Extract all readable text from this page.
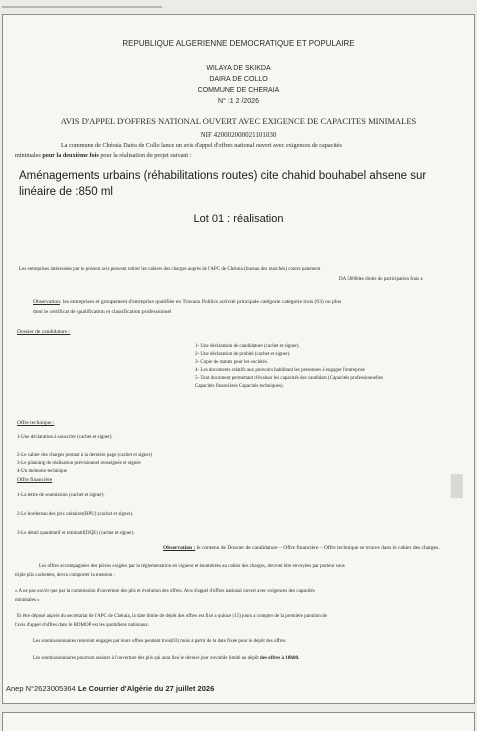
REPUBLIQUE ALGERIENNE DEMOCRATIQUE ET POPULAIRE
WILAYA DE SKIKDA
DAIRA DE COLLO
COMMUNE DE CHERAIA
N° :1 2 /2026
AVIS D'APPEL D'OFFRES NATIONAL OUVERT AVEC EXIGENCE DE CAPACITES MINIMALES
NIF 420002000021101030
La commune de Chéraia Daira de Collo lance un avis d'appel d'offres national ouvert avec exigences de capacités
minimales pour la deuxième fois pour la réalisation du projet suivant :
Aménagements urbains (réhabilitations routes) cite chahid bouhabel ahsene sur linéaire de :850 ml
Lot 01 : réalisation
Les entreprises intéressées par le présent avis peuvent retirer les cahiers des charges auprès de l'APC de Chéraia (bureau des marchés) contre paiement
DA 5000des droits de participation frais a
Observation: les entreprises et groupement d'entreprise qualifiée en Travaux Publics activité principale catégorie catégorie trois (03) ou plus
dont le certificat de qualification et classification professionnel
Dossier de candidature :
1- Une déclaration de candidature (cachet et signer).
2- Une déclaration de probité (cachet et signer).
3- Copie de statuts pour les sociétés.
4- Les documents relatifs aux pouvoirs habilitant les personnes à engager l'entreprise
5- Tout document permettant d'évaluer les capacités des candidats (Capacités professionnelles
Capacités financières Capacités techniques).
Offre technique :
1-Une déclaration à souscrire (cachet et signer).
2-Le cahier des charges portant à la dernière page (cachet et signer)
3-Le planning de réalisation prévisionnel renseignée et signée
4-Un mémoire technique
Offre financière
1-La lettre de soumission (cachet et signer).
2-Le bordereau des prix unitaires(BPU) (cachet et signer).
3-Le détail quantitatif et estimatif(DQE) (cachet et signer).
Observation : le contenu de Dossier de candidature – Offre financière – Offre technique se trouve dans le cahier des charges.
Les offres accompagnées des pièces exigées par la réglementation en vigueur et énumérées au cahier des charges, devront être envoyées par porteur sous
triple plis cachetées, devra comporter la mention :
« A ne pas ouvrir que par la commission d'ouverture des plis et évolution des offres. Avis d'appel d'offres national ouvert avec exigences des capacités
minimales »
Et être déposé auprès du secrétariat de l'APC de Chéraia, la date limite de dépôt des offres est fixé a quinze (15) jours a compter de la première parution de
l'avis d'appel d'offres dans le BOMOP est les quotidiens nationaux.
Les soumissionnaires resteront engagés par leurs offres pendant trois(03) mois à partir de la date fixée pour le dépôt des offres
Les soumissionnaires pourront assister à l'ouverture des plis qui aura lieu le dernier jour ouvrable limité au dépôt des offres à 10h00.
Anep N°2623005364 Le Courrier d'Algérie du 27 juillet 2026
▮
